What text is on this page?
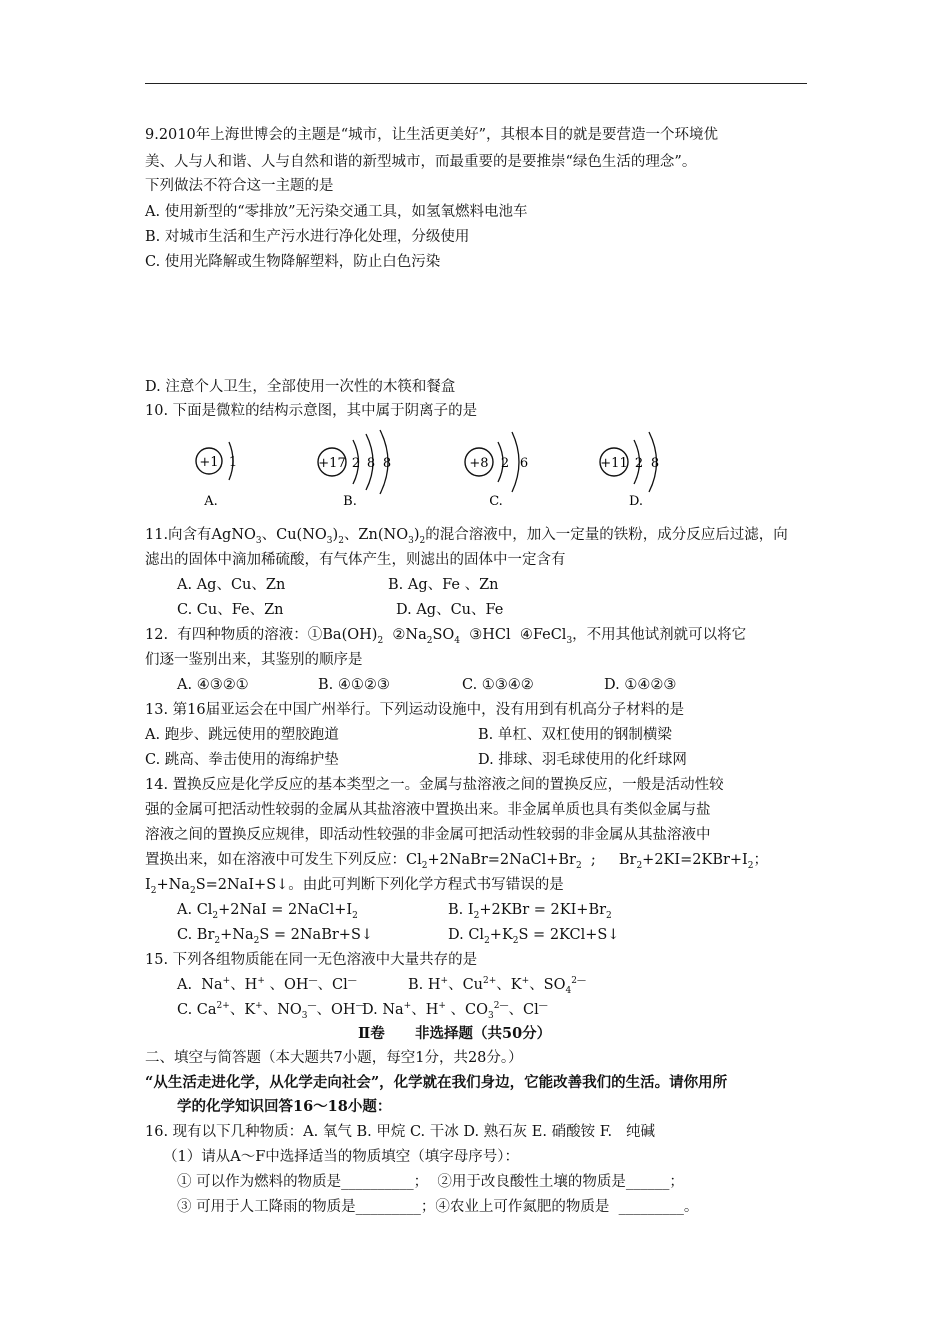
9.2010年上海世博会的主题是“城市，让生活更美好”，其根本目的就是要营造一个环境优
美、人与人和谐、人与自然和谐的新型城市，而最重要的是要推崇“绿色生活的理念”。
下列做法不符合这一主题的是
A. 使用新型的“零排放”无污染交通工具，如氢氧燃料电池车
B. 对城市生活和生产污水进行净化处理，分级使用
C. 使用光降解或生物降解塑料，防止白色污染
D. 注意个人卫生，全部使用一次性的木筷和餐盒
10. 下面是微粒的结构示意图，其中属于阴离子的是
+1 1
A.
+17 2 8 8
B.
+8 2 6
C.
+11 2 8
D.
11.向含有AgNO$_3$、$Cu(NO_3)_2$、$Zn(NO_3)_2$的混合溶液中，加入一定量的铁粉，成分反应后过滤，向
滤出的固体中滴加稀硫酸，有气体产生，则滤出的固体中一定含有
A. Ag、Cu、Zn	B. Ag、Fe 、Zn
C. Cu、Fe、Zn	D. Ag、Cu、Fe
12.  有四种物质的溶液：$①Ba(OH)_2$  $②Na_2SO_4$  ③HCl  ④FeCl$_3$，不用其他试剂就可以将它
们逐一鉴别出来，其鉴别的顺序是
A. ④③②①	B. ④①②③	C. ①③④②	D. ①④②③
13. 第16届亚运会在中国广州举行。下列运动设施中，没有用到有机高分子材料的是
A. 跑步、跳远使用的塑胶跑道	B. 单杠、双杠使用的钢制横梁
C. 跳高、拳击使用的海绵护垫	D. 排球、羽毛球使用的化纤球网
14. 置换反应是化学反应的基本类型之一。金属与盐溶液之间的置换反应，一般是活动性较
强的金属可把活动性较弱的金属从其盐溶液中置换出来。非金属单质也具有类似金属与盐
溶液之间的置换反应规律，即活动性较强的非金属可把活动性较弱的非金属从其盐溶液中
置换出来，如在溶液中可发生下列反应：$Cl_2+2NaBr=2NaCl+Br_2$  ;     $Br_2+2KI=2KBr+I_2$；
$I_2+Na_2S=2NaI+S↓$。由此可判断下列化学方程式书写错误的是
A. $Cl_2+2NaI$ = $2NaCl+I_2$	B. $I_2+2KBr = 2KI+Br_2$
C. $Br_2+Na_2S$ = 2NaBr+S↓	D. $Cl_2+K_2S$ = 2KCl+S↓
15. 下列各组物质能在同一无色溶液中大量共存的是
A.  Na+、H+ 、OH—、Cl—	B. H+、$Cu^{2+}$、K+、$SO_4^{2—}$
C. $Ca^{2+}$、K+、$NO_3^—$、OH—
D. Na+、H+ 、$CO_3^{2—}$、Cl—
Ⅱ卷      非选择题（共50分）
二、填空与简答题（本大题共7小题，每空1分，共28分。）
“从生活走进化学，从化学走向社会”，化学就在我们身边，它能改善我们的生活。请你用所
学的化学知识回答16～18小题：
16. 现有以下几种物质：A. 氧气 B. 甲烷 C. 干冰 D. 熟石灰 E. 硝酸铵 F.   纯碱
（1）请从A～F中选择适当的物质填空（填字母序号）：
① 可以作为燃料的物质是__________；  ②用于改良酸性土壤的物质是______；
③ 可用于人工降雨的物质是_________；④农业上可作氮肥的物质是  _________。
